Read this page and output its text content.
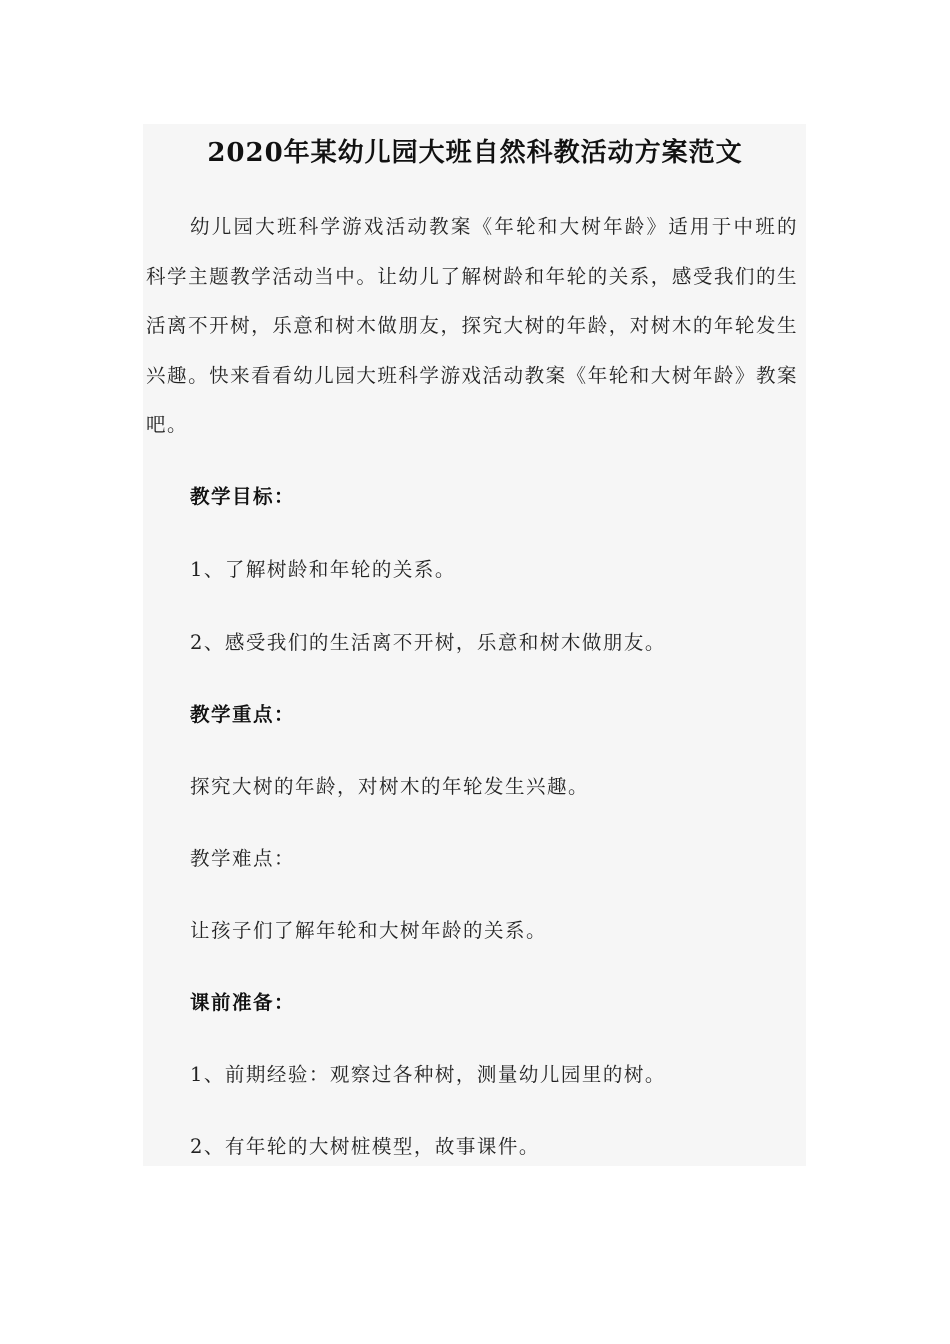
2020年某幼儿园大班自然科教活动方案范文

幼儿园大班科学游戏活动教案《年轮和大树年龄》适用于中班的科学主题教学活动当中。让幼儿了解树龄和年轮的关系，感受我们的生活离不开树，乐意和树木做朋友，探究大树的年龄，对树木的年轮发生兴趣。快来看看幼儿园大班科学游戏活动教案《年轮和大树年龄》教案吧。

教学目标：

1、了解树龄和年轮的关系。

2、感受我们的生活离不开树，乐意和树木做朋友。

教学重点：

探究大树的年龄，对树木的年轮发生兴趣。

教学难点：

让孩子们了解年轮和大树年龄的关系。

课前准备：

1、前期经验：观察过各种树，测量幼儿园里的树。

2、有年轮的大树桩模型，故事课件。
